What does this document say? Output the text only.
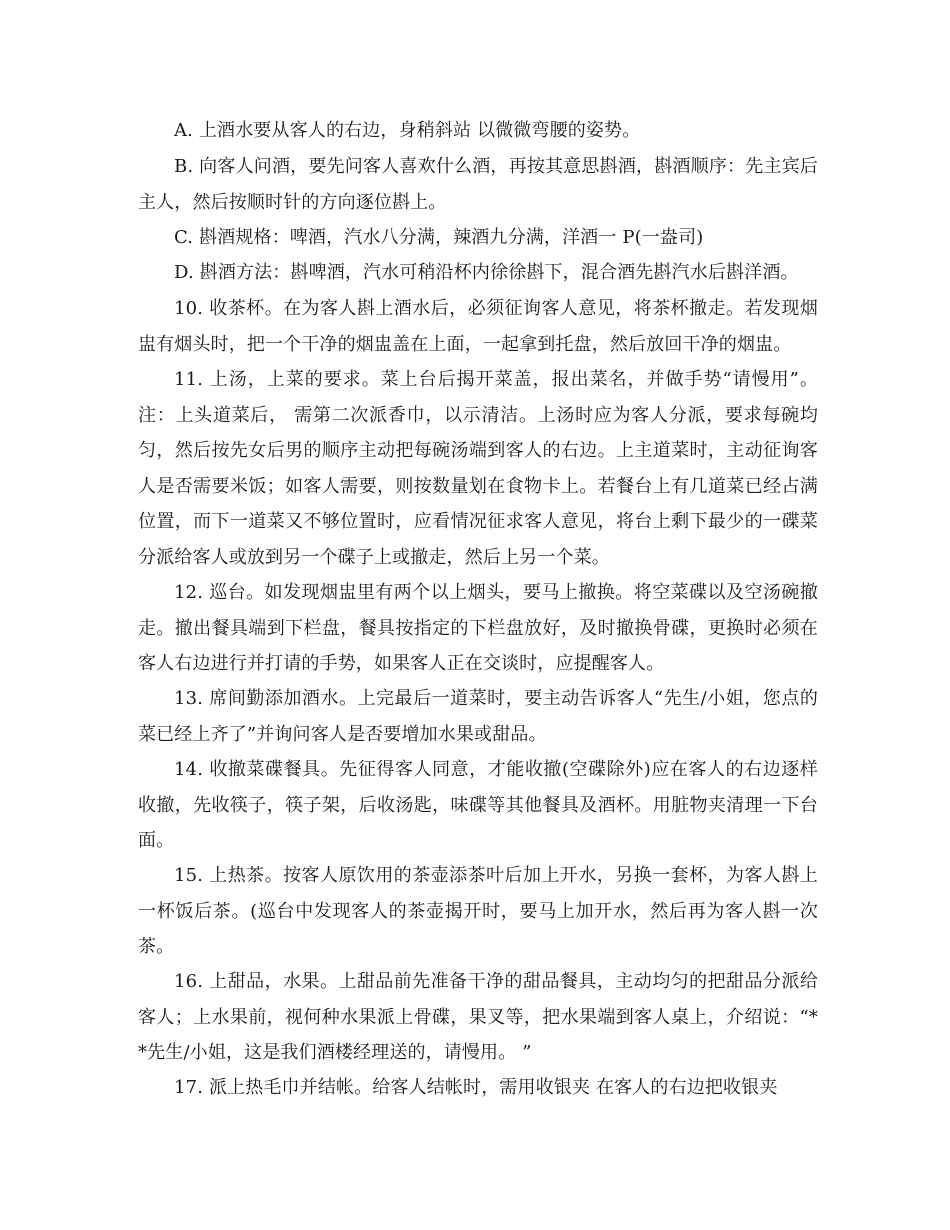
A. 上酒水要从客人的右边，身稍斜站 以微微弯腰的姿势。

B. 向客人问酒，要先问客人喜欢什么酒，再按其意思斟酒，斟酒顺序：先主宾后主人，然后按顺时针的方向逐位斟上。

C. 斟酒规格：啤酒，汽水八分满，辣酒九分满，洋酒一 P(一盎司)

D. 斟酒方法：斟啤酒，汽水可稍沿杯内徐徐斟下，混合酒先斟汽水后斟洋酒。

10. 收茶杯。在为客人斟上酒水后，必须征询客人意见，将茶杯撤走。若发现烟盅有烟头时，把一个干净的烟盅盖在上面，一起拿到托盘，然后放回干净的烟盅。

11. 上汤，上菜的要求。菜上台后揭开菜盖，报出菜名，并做手势“请慢用”。注：上头道菜后， 需第二次派香巾，以示清洁。上汤时应为客人分派，要求每碗均匀，然后按先女后男的顺序主动把每碗汤端到客人的右边。上主道菜时，主动征询客人是否需要米饭；如客人需要，则按数量划在食物卡上。若餐台上有几道菜已经占满位置，而下一道菜又不够位置时，应看情况征求客人意见，将台上剩下最少的一碟菜分派给客人或放到另一个碟子上或撤走，然后上另一个菜。

12. 巡台。如发现烟盅里有两个以上烟头，要马上撤换。将空菜碟以及空汤碗撤走。撤出餐具端到下栏盘，餐具按指定的下栏盘放好，及时撤换骨碟，更换时必须在客人右边进行并打请的手势，如果客人正在交谈时，应提醒客人。

13. 席间勤添加酒水。上完最后一道菜时，要主动告诉客人“先生/小姐，您点的菜已经上齐了”并询问客人是否要增加水果或甜品。

14. 收撤菜碟餐具。先征得客人同意，才能收撤(空碟除外)应在客人的右边逐样收撤，先收筷子，筷子架，后收汤匙，味碟等其他餐具及酒杯。用脏物夹清理一下台面。

15. 上热茶。按客人原饮用的茶壶添茶叶后加上开水，另换一套杯，为客人斟上一杯饭后茶。(巡台中发现客人的茶壶揭开时，要马上加开水，然后再为客人斟一次茶。

16. 上甜品，水果。上甜品前先准备干净的甜品餐具，主动均匀的把甜品分派给客人；上水果前，视何种水果派上骨碟，果叉等，把水果端到客人桌上，介绍说：“**先生/小姐，这是我们酒楼经理送的，请慢用。 ”

17. 派上热毛巾并结帐。给客人结帐时，需用收银夹 在客人的右边把收银夹
